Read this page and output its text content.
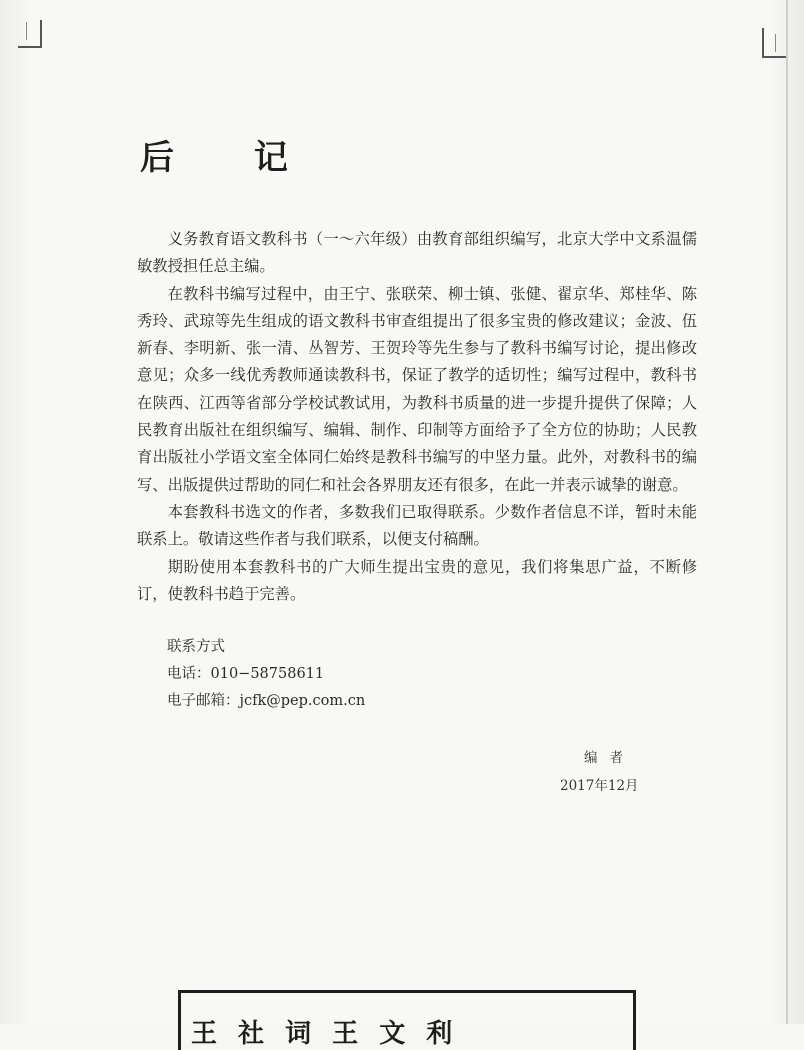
后 记

义务教育语文教科书（一～六年级）由教育部组织编写，北京大学中文系温儒敏教授担任总主编。

在教科书编写过程中，由王宁、张联荣、柳士镇、张健、翟京华、郑桂华、陈秀玲、武琼等先生组成的语文教科书审查组提出了很多宝贵的修改建议；金波、伍新春、李明新、张一清、丛智芳、王贺玲等先生参与了教科书编写讨论，提出修改意见；众多一线优秀教师通读教科书，保证了教学的适切性；编写过程中，教科书在陕西、江西等省部分学校试教试用，为教科书质量的进一步提升提供了保障；人民教育出版社在组织编写、编辑、制作、印制等方面给予了全方位的协助；人民教育出版社小学语文室全体同仁始终是教科书编写的中坚力量。此外，对教科书的编写、出版提供过帮助的同仁和社会各界朋友还有很多，在此一并表示诚挚的谢意。

本套教科书选文的作者，多数我们已取得联系。少数作者信息不详，暂时未能联系上。敬请这些作者与我们联系，以便支付稿酬。

期盼使用本套教科书的广大师生提出宝贵的意见，我们将集思广益，不断修订，使教科书趋于完善。

联系方式
电话：010−58758611
电子邮箱：jcfk@pep.com.cn
编者
2017年12月
王 社 词 王 文 利
